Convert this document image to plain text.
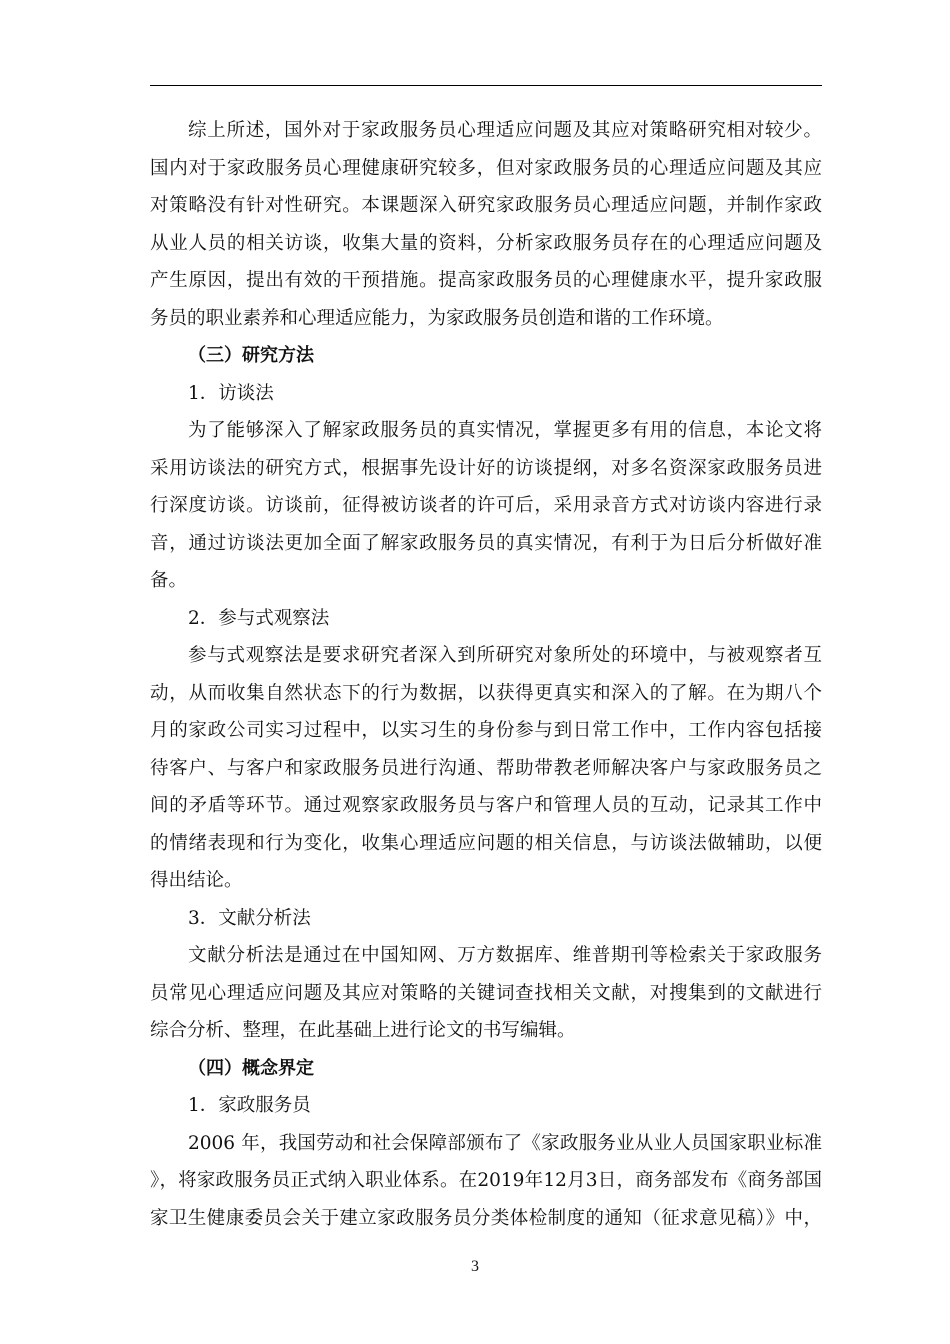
综上所述，国外对于家政服务员心理适应问题及其应对策略研究相对较少。
国内对于家政服务员心理健康研究较多，但对家政服务员的心理适应问题及其应
对策略没有针对性研究。本课题深入研究家政服务员心理适应问题，并制作家政
从业人员的相关访谈，收集大量的资料，分析家政服务员存在的心理适应问题及
产生原因，提出有效的干预措施。提高家政服务员的心理健康水平，提升家政服
务员的职业素养和心理适应能力，为家政服务员创造和谐的工作环境。
（三）研究方法
1．访谈法
为了能够深入了解家政服务员的真实情况，掌握更多有用的信息，本论文将
采用访谈法的研究方式，根据事先设计好的访谈提纲，对多名资深家政服务员进
行深度访谈。访谈前，征得被访谈者的许可后，采用录音方式对访谈内容进行录
音，通过访谈法更加全面了解家政服务员的真实情况，有利于为日后分析做好准
备。
2．参与式观察法
参与式观察法是要求研究者深入到所研究对象所处的环境中，与被观察者互
动，从而收集自然状态下的行为数据，以获得更真实和深入的了解。在为期八个
月的家政公司实习过程中，以实习生的身份参与到日常工作中，工作内容包括接
待客户、与客户和家政服务员进行沟通、帮助带教老师解决客户与家政服务员之
间的矛盾等环节。通过观察家政服务员与客户和管理人员的互动，记录其工作中
的情绪表现和行为变化，收集心理适应问题的相关信息，与访谈法做辅助，以便
得出结论。
3．文献分析法
文献分析法是通过在中国知网、万方数据库、维普期刊等检索关于家政服务
员常见心理适应问题及其应对策略的关键词查找相关文献，对搜集到的文献进行
综合分析、整理，在此基础上进行论文的书写编辑。
（四）概念界定
1．家政服务员
2006 年，我国劳动和社会保障部颁布了《家政服务业从业人员国家职业标准
》，将家政服务员正式纳入职业体系。在2019年12月3日，商务部发布《商务部国
家卫生健康委员会关于建立家政服务员分类体检制度的通知（征求意见稿）》中，
3
